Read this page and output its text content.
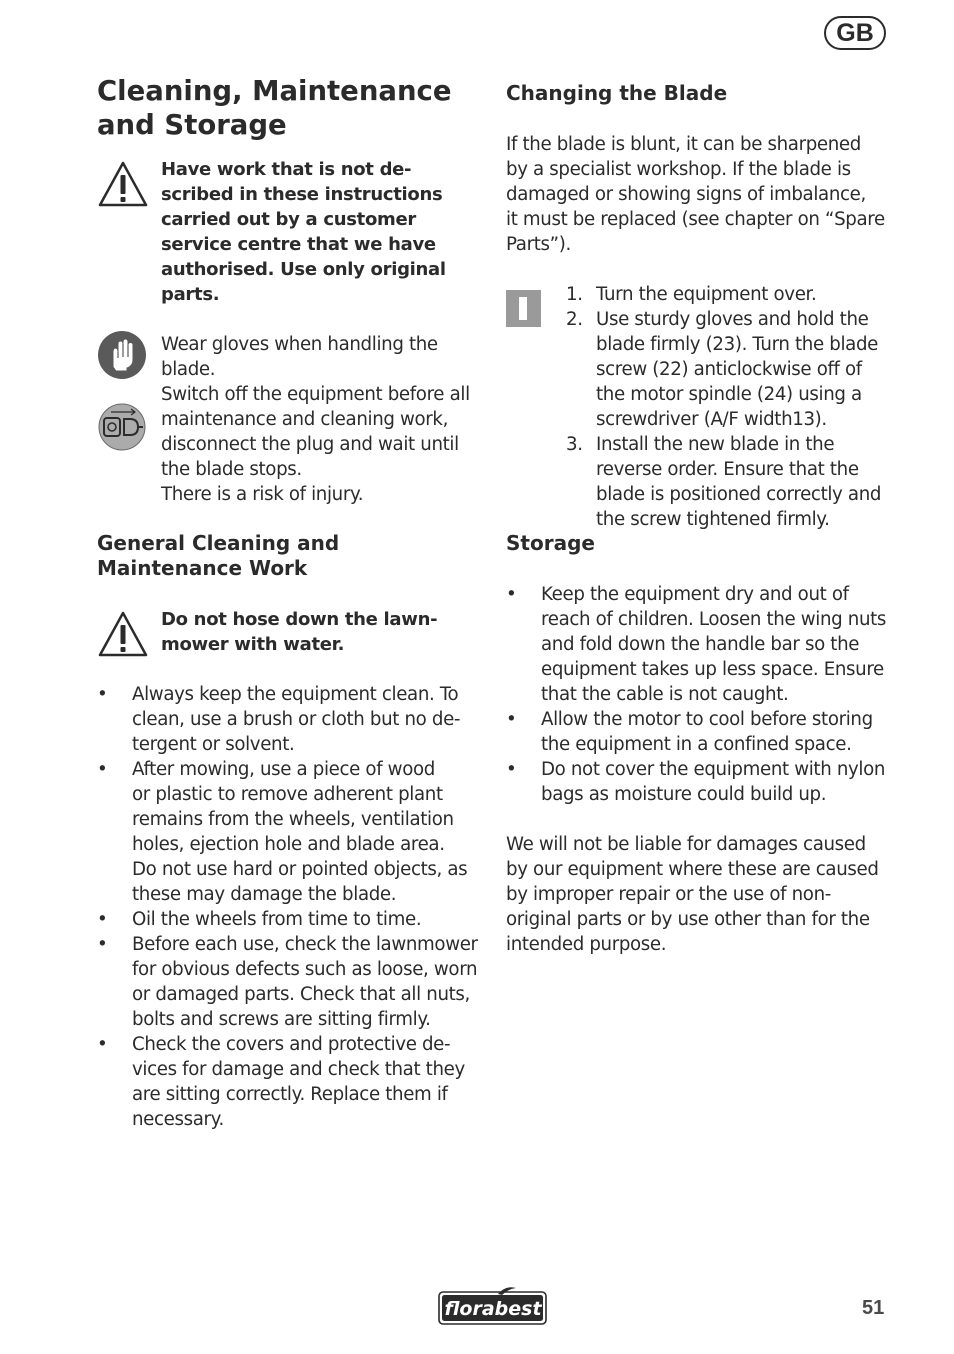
GB
Cleaning, Maintenance
and Storage
Have work that is not de-
scribed in these instructions
carried out by a customer
service centre that we have
authorised. Use only original
parts.
Wear gloves when handling the
blade.
Switch off the equipment before all
maintenance and cleaning work,
disconnect the plug and wait until
the blade stops.
There is a risk of injury.
General Cleaning and
Maintenance Work
Do not hose down the lawn-
mower with water.
• Always keep the equipment clean. To
clean, use a brush or cloth but no de-
tergent or solvent.
• After mowing, use a piece of wood
or plastic to remove adherent plant
remains from the wheels, ventilation
holes, ejection hole and blade area.
Do not use hard or pointed objects, as
these may damage the blade.
• Oil the wheels from time to time.
• Before each use, check the lawnmower
for obvious defects such as loose, worn
or damaged parts. Check that all nuts,
bolts and screws are sitting firmly.
• Check the covers and protective de-
vices for damage and check that they
are sitting correctly. Replace them if
necessary.
Changing the Blade
If the blade is blunt, it can be sharpened
by a specialist workshop. If the blade is
damaged or showing signs of imbalance,
it must be replaced (see chapter on “Spare
Parts”).
1. Turn the equipment over.
2. Use sturdy gloves and hold the
blade firmly (23). Turn the blade
screw (22) anticlockwise off of
the motor spindle (24) using a
screwdriver (A/F width13).
3. Install the new blade in the
reverse order. Ensure that the
blade is positioned correctly and
the screw tightened firmly.
Storage
• Keep the equipment dry and out of
reach of children. Loosen the wing nuts
and fold down the handle bar so the
equipment takes up less space. Ensure
that the cable is not caught.
• Allow the motor to cool before storing
the equipment in a confined space.
• Do not cover the equipment with nylon
bags as moisture could build up.
We will not be liable for damages caused
by our equipment where these are caused
by improper repair or the use of non-
original parts or by use other than for the
intended purpose.
florabest	51
